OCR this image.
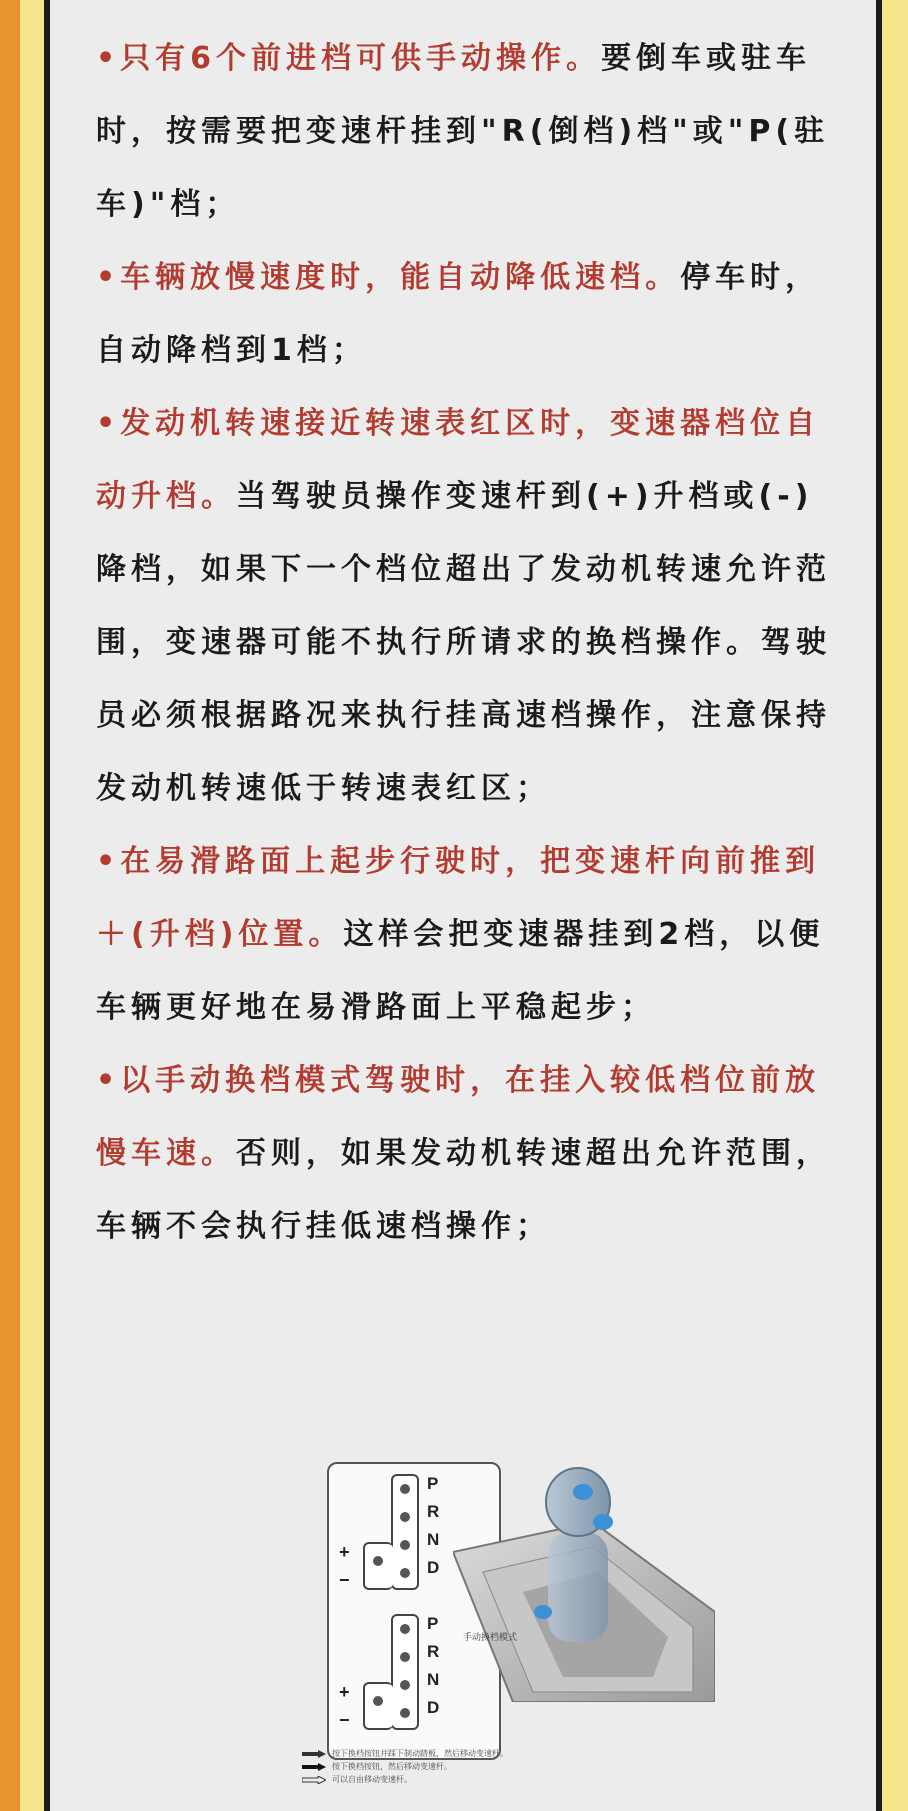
•只有6个前进档可供手动操作。要倒车或驻车时，按需要把变速杆挂到"R(倒档)档"或"P(驻车)"档；

•车辆放慢速度时，能自动降低速档。停车时，自动降档到1档；

•发动机转速接近转速表红区时，变速器档位自动升档。当驾驶员操作变速杆到(+)升档或(-)降档，如果下一个档位超出了发动机转速允许范围，变速器可能不执行所请求的换档操作。驾驶员必须根据路况来执行挂高速档操作，注意保持发动机转速低于转速表红区；

•在易滑路面上起步行驶时，把变速杆向前推到＋(升档)位置。这样会把变速器挂到2档，以便车辆更好地在易滑路面上平稳起步；

•以手动换档模式驾驶时，在挂入较低档位前放慢车速。否则，如果发动机转速超出允许范围，车辆不会执行挂低速档操作；

P
R
N
D
+
−
P
R
N
D
+
−
手动换档模式
按下换档按钮并踩下制动踏板，然后移动变速杆。
按下换档按钮，然后移动变速杆。
可以自由移动变速杆。
